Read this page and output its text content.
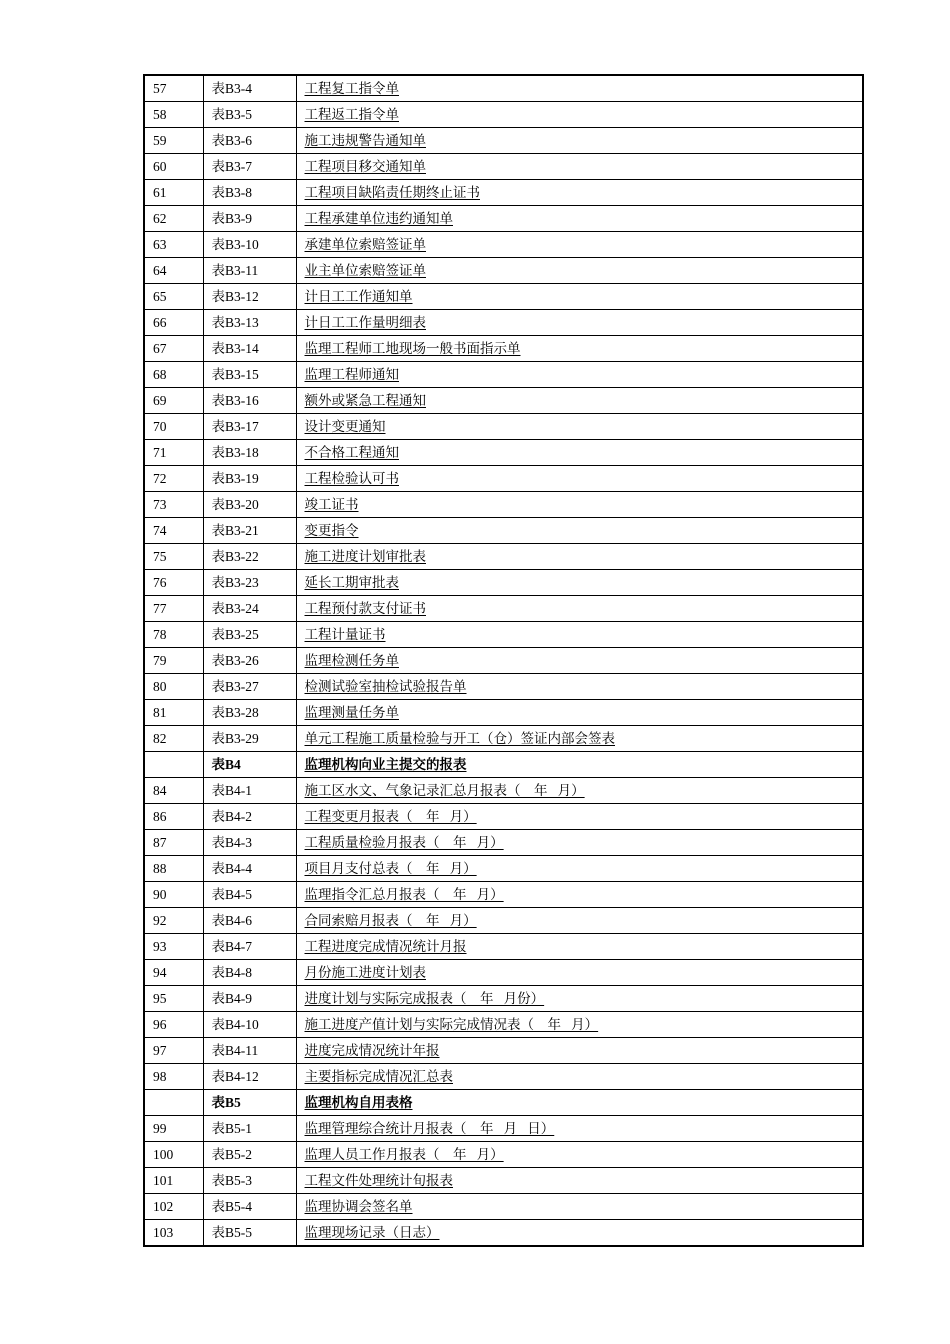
57	表B3-4	工程复工指令单
58	表B3-5	工程返工指令单
59	表B3-6	施工违规警告通知单
60	表B3-7	工程项目移交通知单
61	表B3-8	工程项目缺陷责任期终止证书
62	表B3-9	工程承建单位违约通知单
63	表B3-10	承建单位索赔签证单
64	表B3-11	业主单位索赔签证单
65	表B3-12	计日工工作通知单
66	表B3-13	计日工工作量明细表
67	表B3-14	监理工程师工地现场一般书面指示单
68	表B3-15	监理工程师通知
69	表B3-16	额外或紧急工程通知
70	表B3-17	设计变更通知
71	表B3-18	不合格工程通知
72	表B3-19	工程检验认可书
73	表B3-20	竣工证书
74	表B3-21	变更指令
75	表B3-22	施工进度计划审批表
76	表B3-23	延长工期审批表
77	表B3-24	工程预付款支付证书
78	表B3-25	工程计量证书
79	表B3-26	监理检测任务单
80	表B3-27	检测试验室抽检试验报告单
81	表B3-28	监理测量任务单
82	表B3-29	单元工程施工质量检验与开工（仓）签证内部会签表
	表B4	监理机构向业主提交的报表
84	表B4-1	施工区水文、气象记录汇总月报表（    年   月）
86	表B4-2	工程变更月报表（    年   月）
87	表B4-3	工程质量检验月报表（    年   月）
88	表B4-4	项目月支付总表（    年   月）
90	表B4-5	监理指令汇总月报表（    年   月）
92	表B4-6	合同索赔月报表（    年   月）
93	表B4-7	工程进度完成情况统计月报
94	表B4-8	月份施工进度计划表
95	表B4-9	进度计划与实际完成报表（    年   月份）
96	表B4-10	施工进度产值计划与实际完成情况表（    年   月）
97	表B4-11	进度完成情况统计年报
98	表B4-12	主要指标完成情况汇总表
	表B5	监理机构自用表格
99	表B5-1	监理管理综合统计月报表（    年   月   日）
100	表B5-2	监理人员工作月报表（    年   月）
101	表B5-3	工程文件处理统计旬报表
102	表B5-4	监理协调会签名单
103	表B5-5	监理现场记录（日志）
